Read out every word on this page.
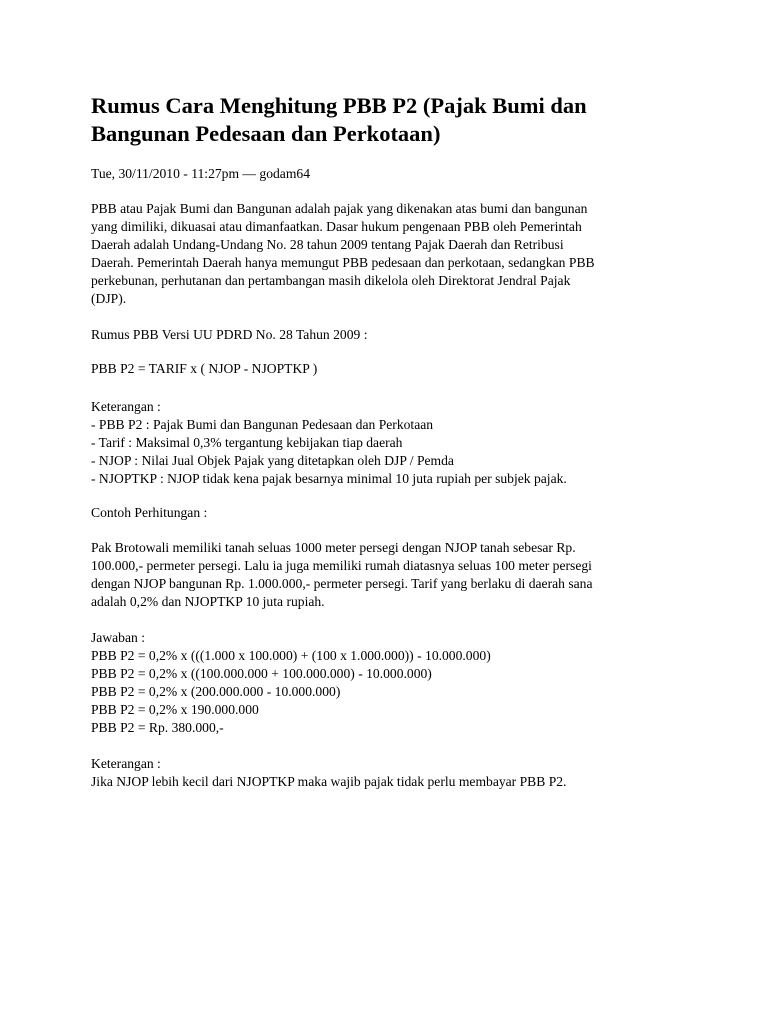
Rumus Cara Menghitung PBB P2 (Pajak Bumi dan
Bangunan Pedesaan dan Perkotaan)

Tue, 30/11/2010 - 11:27pm — godam64

PBB atau Pajak Bumi dan Bangunan adalah pajak yang dikenakan atas bumi dan bangunan
yang dimiliki, dikuasai atau dimanfaatkan. Dasar hukum pengenaan PBB oleh Pemerintah
Daerah adalah Undang-Undang No. 28 tahun 2009 tentang Pajak Daerah dan Retribusi
Daerah. Pemerintah Daerah hanya memungut PBB pedesaan dan perkotaan, sedangkan PBB
perkebunan, perhutanan dan pertambangan masih dikelola oleh Direktorat Jendral Pajak
(DJP).
Rumus PBB Versi UU PDRD No. 28 Tahun 2009 :
PBB P2 = TARIF x ( NJOP - NJOPTKP )
Keterangan :
- PBB P2 : Pajak Bumi dan Bangunan Pedesaan dan Perkotaan
- Tarif : Maksimal 0,3% tergantung kebijakan tiap daerah
- NJOP : Nilai Jual Objek Pajak yang ditetapkan oleh DJP / Pemda
- NJOPTKP : NJOP tidak kena pajak besarnya minimal 10 juta rupiah per subjek pajak.
Contoh Perhitungan :
Pak Brotowali memiliki tanah seluas 1000 meter persegi dengan NJOP tanah sebesar Rp.
100.000,- permeter persegi. Lalu ia juga memiliki rumah diatasnya seluas 100 meter persegi
dengan NJOP bangunan Rp. 1.000.000,- permeter persegi. Tarif yang berlaku di daerah sana
adalah 0,2% dan NJOPTKP 10 juta rupiah.
Jawaban :
PBB P2 = 0,2% x (((1.000 x 100.000) + (100 x 1.000.000)) - 10.000.000)
PBB P2 = 0,2% x ((100.000.000 + 100.000.000) - 10.000.000)
PBB P2 = 0,2% x (200.000.000 - 10.000.000)
PBB P2 = 0,2% x 190.000.000
PBB P2 = Rp. 380.000,-
Keterangan :
Jika NJOP lebih kecil dari NJOPTKP maka wajib pajak tidak perlu membayar PBB P2.
